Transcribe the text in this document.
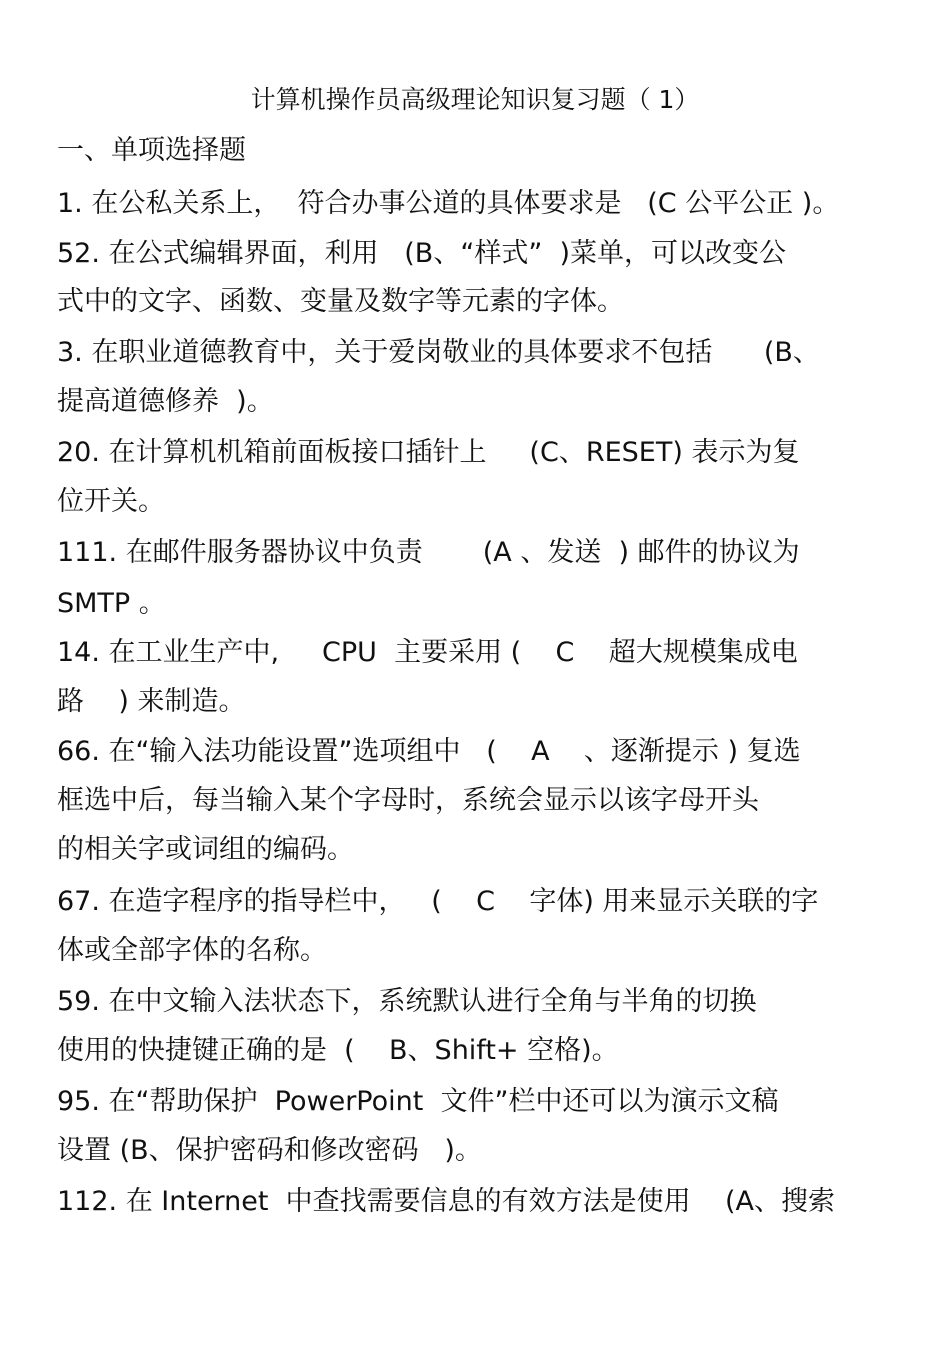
计算机操作员高级理论知识复习题（ 1）
一、单项选择题
1. 在公私关系上，  符合办事公道的具体要求是   (C 公平公正 )。
52. 在公式编辑界面，利用   (B、“样式”  )菜单，可以改变公
式中的文字、函数、变量及数字等元素的字体。
3. 在职业道德教育中，关于爱岗敬业的具体要求不包括      (B、
提高道德修养  )。
20. 在计算机机箱前面板接口插针上     (C、RESET) 表示为复
位开关。
111. 在邮件服务器协议中负责       (A 、发送  ) 邮件的协议为
SMTP 。
14. 在工业生产中,     CPU  主要采用 (    C    超大规模集成电
路    ) 来制造。
66. 在“输入法功能设置”选项组中   (    A    、逐渐提示 ) 复选
框选中后，每当输入某个字母时，系统会显示以该字母开头
的相关字或词组的编码。
67. 在造字程序的指导栏中，   (    C    字体) 用来显示关联的字
体或全部字体的名称。
59. 在中文输入法状态下，系统默认进行全角与半角的切换
使用的快捷键正确的是  (    B、Shift+ 空格)。
95. 在“帮助保护  PowerPoint  文件”栏中还可以为演示文稿
设置 (B、保护密码和修改密码   )。
112. 在 Internet  中查找需要信息的有效方法是使用    (A、搜索
